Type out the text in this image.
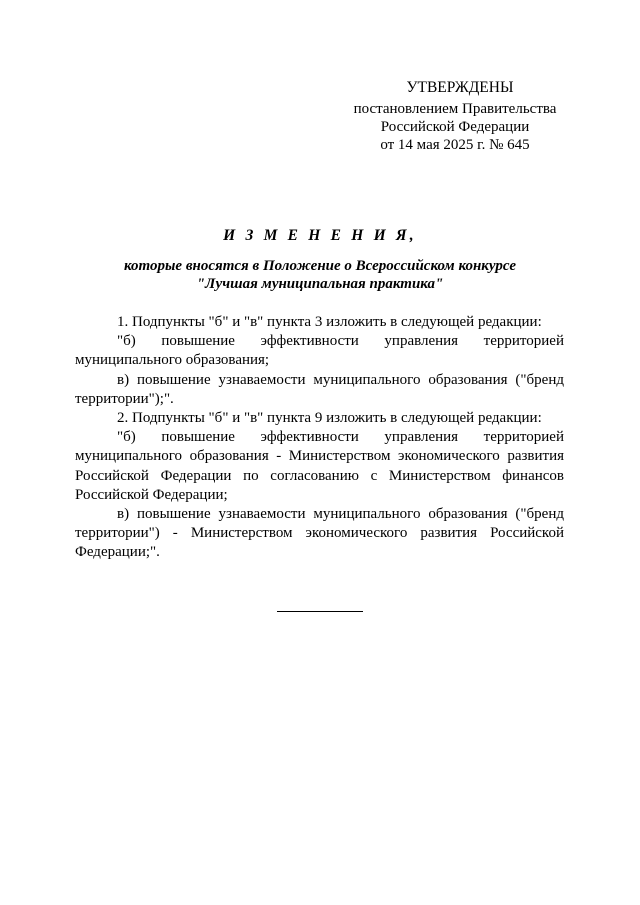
УТВЕРЖДЕНЫ
постановлением Правительства
Российской Федерации
от 14 мая 2025 г. № 645
И З М Е Н Е Н И Я,
которые вносятся в Положение о Всероссийском конкурсе
"Лучшая муниципальная практика"

1. Подпункты "б" и "в" пункта 3 изложить в следующей редакции:

"б) повышение эффективности управления территорией муниципального образования;

в) повышение узнаваемости муниципального образования ("бренд территории");".

2. Подпункты "б" и "в" пункта 9 изложить в следующей редакции:

"б) повышение эффективности управления территорией муниципального образования - Министерством экономического развития Российской Федерации по согласованию с Министерством финансов Российской Федерации;

в) повышение узнаваемости муниципального образования ("бренд территории") - Министерством экономического развития Российской Федерации;".
